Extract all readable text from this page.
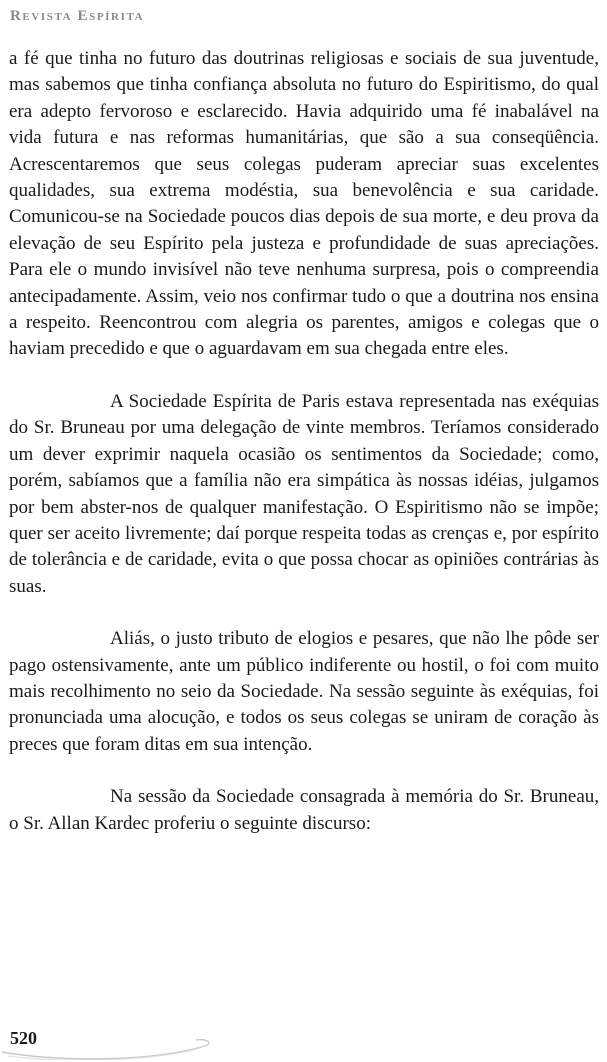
Revista Espírita

a fé que tinha no futuro das doutrinas religiosas e sociais de sua juventude, mas sabemos que tinha confiança absoluta no futuro do Espiritismo, do qual era adepto fervoroso e esclarecido. Havia adquirido uma fé inabalável na vida futura e nas reformas humanitárias, que são a sua conseqüência. Acrescentaremos que seus colegas puderam apreciar suas excelentes qualidades, sua extrema modéstia, sua benevolência e sua caridade. Comunicou-se na Sociedade poucos dias depois de sua morte, e deu prova da elevação de seu Espírito pela justeza e profundidade de suas apreciações. Para ele o mundo invisível não teve nenhuma surpresa, pois o compreendia antecipadamente. Assim, veio nos confirmar tudo o que a doutrina nos ensina a respeito. Reencontrou com alegria os parentes, amigos e colegas que o haviam precedido e que o aguardavam em sua chegada entre eles.

A Sociedade Espírita de Paris estava representada nas exéquias do Sr. Bruneau por uma delegação de vinte membros. Teríamos considerado um dever exprimir naquela ocasião os sentimentos da Sociedade; como, porém, sabíamos que a família não era simpática às nossas idéias, julgamos por bem abster-nos de qualquer manifestação. O Espiritismo não se impõe; quer ser aceito livremente; daí porque respeita todas as crenças e, por espírito de tolerância e de caridade, evita o que possa chocar as opiniões contrárias às suas.

Aliás, o justo tributo de elogios e pesares, que não lhe pôde ser pago ostensivamente, ante um público indiferente ou hostil, o foi com muito mais recolhimento no seio da Sociedade. Na sessão seguinte às exéquias, foi pronunciada uma alocução, e todos os seus colegas se uniram de coração às preces que foram ditas em sua intenção.

Na sessão da Sociedade consagrada à memória do Sr. Bruneau, o Sr. Allan Kardec proferiu o seguinte discurso:

520
